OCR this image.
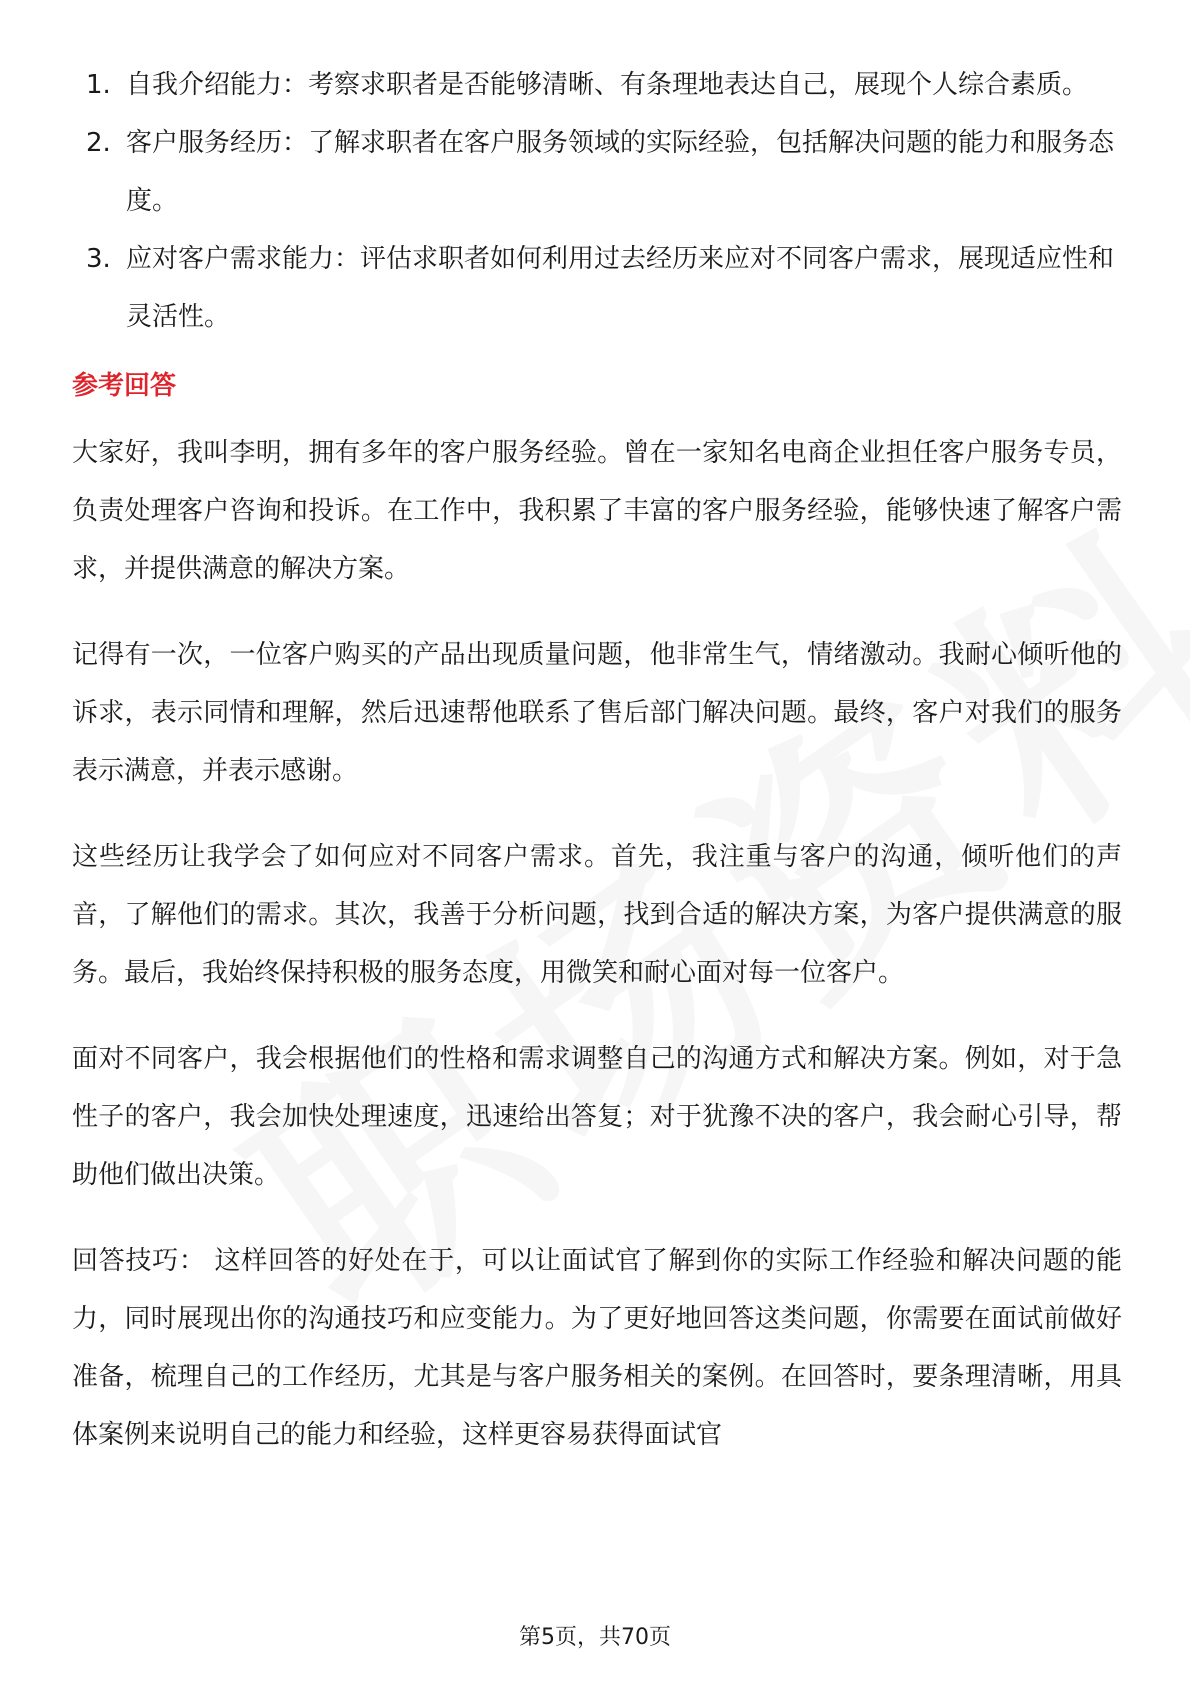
1. 自我介绍能力：考察求职者是否能够清晰、有条理地表达自己，展现个人综合素质。
2. 客户服务经历：了解求职者在客户服务领域的实际经验，包括解决问题的能力和服务态度。
3. 应对客户需求能力：评估求职者如何利用过去经历来应对不同客户需求，展现适应性和灵活性。
参考回答

大家好，我叫李明，拥有多年的客户服务经验。曾在一家知名电商企业担任客户服务专员，负责处理客户咨询和投诉。在工作中，我积累了丰富的客户服务经验，能够快速了解客户需求，并提供满意的解决方案。

记得有一次，一位客户购买的产品出现质量问题，他非常生气，情绪激动。我耐心倾听他的诉求，表示同情和理解，然后迅速帮他联系了售后部门解决问题。最终，客户对我们的服务表示满意，并表示感谢。

这些经历让我学会了如何应对不同客户需求。首先，我注重与客户的沟通，倾听他们的声音，了解他们的需求。其次，我善于分析问题，找到合适的解决方案，为客户提供满意的服务。最后，我始终保持积极的服务态度，用微笑和耐心面对每一位客户。

面对不同客户，我会根据他们的性格和需求调整自己的沟通方式和解决方案。例如，对于急性子的客户，我会加快处理速度，迅速给出答复；对于犹豫不决的客户，我会耐心引导，帮助他们做出决策。

回答技巧： 这样回答的好处在于，可以让面试官了解到你的实际工作经验和解决问题的能力，同时展现出你的沟通技巧和应变能力。为了更好地回答这类问题，你需要在面试前做好准备，梳理自己的工作经历，尤其是与客户服务相关的案例。在回答时，要条理清晰，用具体案例来说明自己的能力和经验，这样更容易获得面试官

第5页，共70页
